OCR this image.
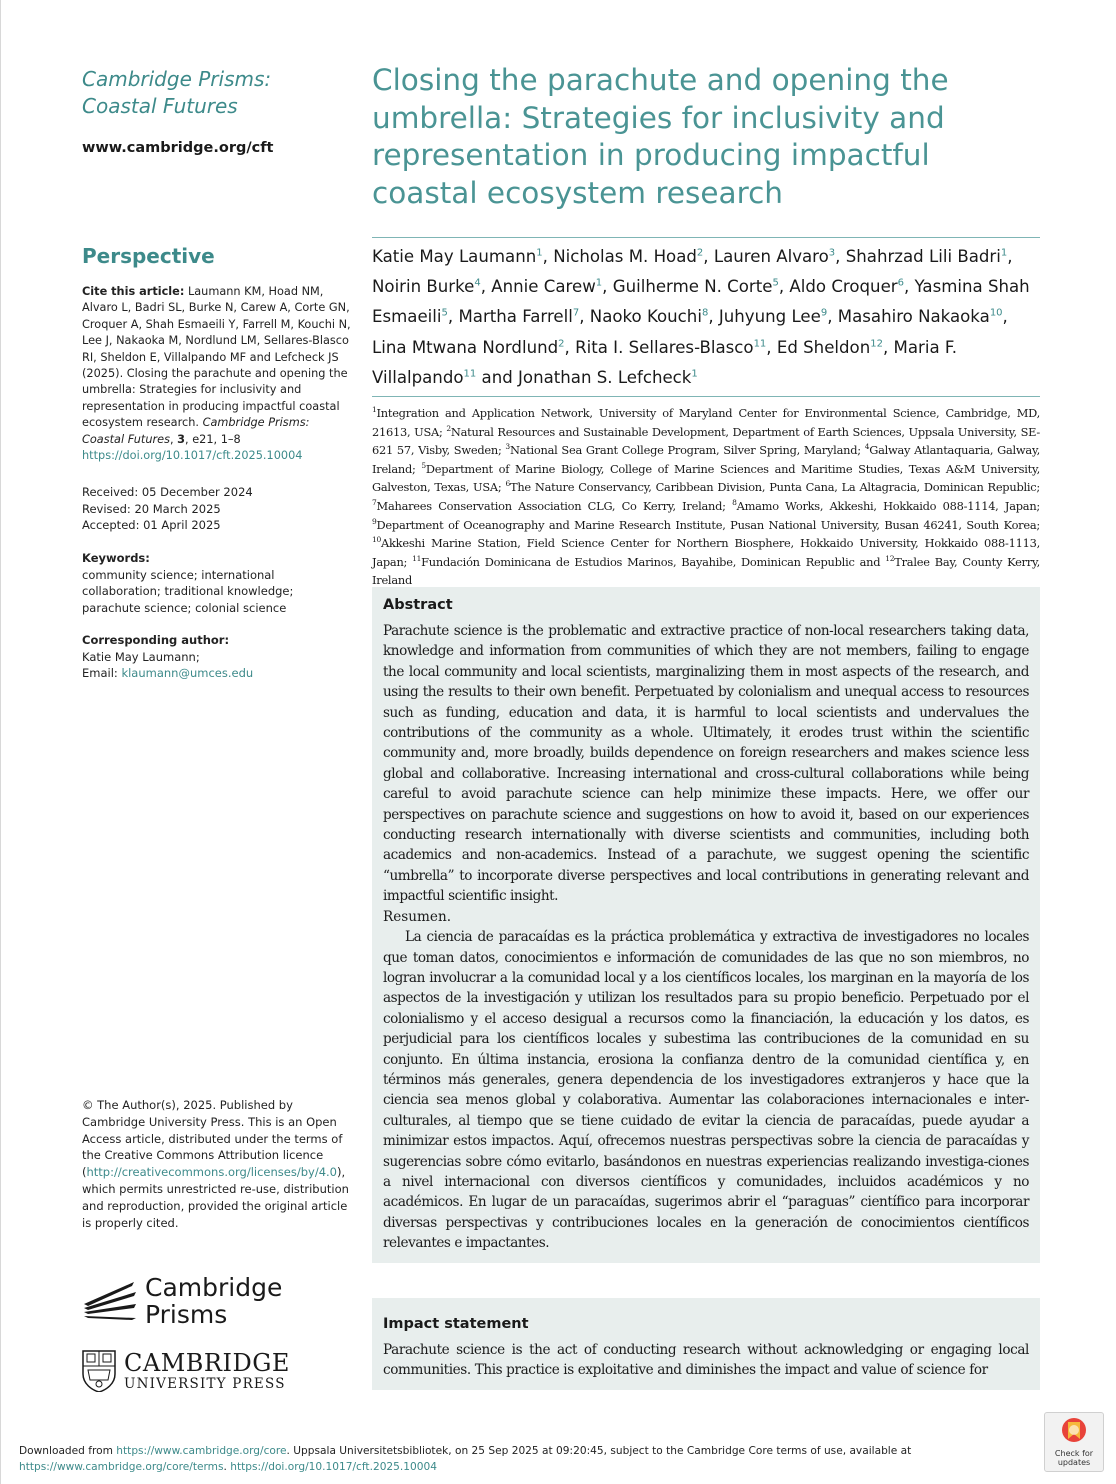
Cambridge Prisms: Coastal Futures
www.cambridge.org/cft
Perspective
Cite this article: Laumann KM, Hoad NM, Alvaro L, Badri SL, Burke N, Carew A, Corte GN, Croquer A, Shah Esmaeili Y, Farrell M, Kouchi N, Lee J, Nakaoka M, Nordlund LM, Sellares-Blasco RI, Sheldon E, Villalpando MF and Lefcheck JS (2025). Closing the parachute and opening the umbrella: Strategies for inclusivity and representation in producing impactful coastal ecosystem research. Cambridge Prisms: Coastal Futures, 3, e21, 1–8
https://doi.org/10.1017/cft.2025.10004
Received: 05 December 2024
Revised: 20 March 2025
Accepted: 01 April 2025
Keywords:
community science; international collaboration; traditional knowledge; parachute science; colonial science
Corresponding author:
Katie May Laumann;
Email: klaumann@umces.edu
© The Author(s), 2025. Published by Cambridge University Press. This is an Open Access article, distributed under the terms of the Creative Commons Attribution licence (http://creativecommons.org/licenses/by/4.0), which permits unrestricted re-use, distribution and reproduction, provided the original article is properly cited.
Cambridge
Prisms
CAMBRIDGE
UNIVERSITY PRESS
Closing the parachute and opening the umbrella: Strategies for inclusivity and representation in producing impactful coastal ecosystem research
Katie May Laumann$^1$, Nicholas M. Hoad$^2$, Lauren Alvaro$^3$, Shahrzad Lili Badri$^1$, Noirin Burke$^4$, Annie Carew$^1$, Guilherme N. Corte$^5$, Aldo Croquer$^6$, Yasmina Shah Esmaeili$^5$, Martha Farrell$^7$, Naoko Kouchi$^8$, Juhyung Lee$^9$, Masahiro Nakaoka$^{10}$, Lina Mtwana Nordlund$^2$, Rita I. Sellares-Blasco$^{11}$, Ed Sheldon$^{12}$, Maria F. Villalpando$^{11}$ and Jonathan S. Lefcheck$^1$
$^1$Integration and Application Network, University of Maryland Center for Environmental Science, Cambridge, MD, 21613, USA; $^2$Natural Resources and Sustainable Development, Department of Earth Sciences, Uppsala University, SE-621 57, Visby, Sweden; $^3$National Sea Grant College Program, Silver Spring, Maryland; $^4$Galway Atlantaquaria, Galway, Ireland; $^5$Department of Marine Biology, College of Marine Sciences and Maritime Studies, Texas A&M University, Galveston, Texas, USA; $^6$The Nature Conservancy, Caribbean Division, Punta Cana, La Altagracia, Dominican Republic; $^7$Maharees Conservation Association CLG, Co Kerry, Ireland; $^8$Amamo Works, Akkeshi, Hokkaido 088-1114, Japan; $^9$Department of Oceanography and Marine Research Institute, Pusan National University, Busan 46241, South Korea; $^{10}$Akkeshi Marine Station, Field Science Center for Northern Biosphere, Hokkaido University, Hokkaido 088-1113, Japan; $^{11}$Fundación Dominicana de Estudios Marinos, Bayahibe, Dominican Republic and $^{12}$Tralee Bay, County Kerry, Ireland
Abstract
Parachute science is the problematic and extractive practice of non-local researchers taking data, knowledge and information from communities of which they are not members, failing to engage the local community and local scientists, marginalizing them in most aspects of the research, and using the results to their own benefit. Perpetuated by colonialism and unequal access to resources such as funding, education and data, it is harmful to local scientists and undervalues the contributions of the community as a whole. Ultimately, it erodes trust within the scientific community and, more broadly, builds dependence on foreign researchers and makes science less global and collaborative. Increasing international and cross-cultural collaborations while being careful to avoid parachute science can help minimize these impacts. Here, we offer our perspectives on parachute science and suggestions on how to avoid it, based on our experiences conducting research internationally with diverse scientists and communities, including both academics and non-academics. Instead of a parachute, we suggest opening the scientific “umbrella” to incorporate diverse perspectives and local contributions in generating relevant and impactful scientific insight.
Resumen.
La ciencia de paracaídas es la práctica problemática y extractiva de investigadores no locales que toman datos, conocimientos e información de comunidades de las que no son miembros, no logran involucrar a la comunidad local y a los científicos locales, los marginan en la mayoría de los aspectos de la investigación y utilizan los resultados para su propio beneficio. Perpetuado por el colonialismo y el acceso desigual a recursos como la financiación, la educación y los datos, es perjudicial para los científicos locales y subestima las contribuciones de la comunidad en su conjunto. En última instancia, erosiona la confianza dentro de la comunidad científica y, en términos más generales, genera dependencia de los investigadores extranjeros y hace que la ciencia sea menos global y colaborativa. Aumentar las colaboraciones internacionales e inter-culturales, al tiempo que se tiene cuidado de evitar la ciencia de paracaídas, puede ayudar a minimizar estos impactos. Aquí, ofrecemos nuestras perspectivas sobre la ciencia de paracaídas y sugerencias sobre cómo evitarlo, basándonos en nuestras experiencias realizando investiga-ciones a nivel internacional con diversos científicos y comunidades, incluidos académicos y no académicos. En lugar de un paracaídas, sugerimos abrir el “paraguas” científico para incorporar diversas perspectivas y contribuciones locales en la generación de conocimientos científicos relevantes e impactantes.
Impact statement
Parachute science is the act of conducting research without acknowledging or engaging local communities. This practice is exploitative and diminishes the impact and value of science for
Downloaded from https://www.cambridge.org/core. Uppsala Universitetsbibliotek, on 25 Sep 2025 at 09:20:45, subject to the Cambridge Core terms of use, available at
https://www.cambridge.org/core/terms. https://doi.org/10.1017/cft.2025.10004
Check for updates
